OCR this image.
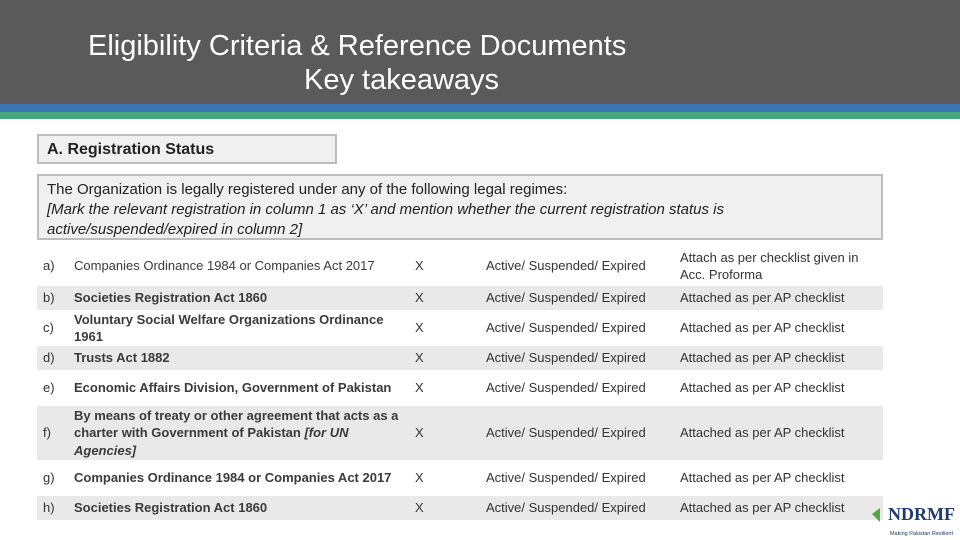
Eligibility Criteria & Reference Documents
Key takeaways
A. Registration Status
The Organization is legally registered under any of the following legal regimes:
[Mark the relevant registration in column 1 as ‘X’ and mention whether the current registration status is active/suspended/expired in column 2]
a)	Companies Ordinance 1984 or Companies Act 2017	X	Active/ Suspended/ Expired	Attach as per checklist given in Acc. Proforma
b)	Societies Registration Act 1860	X	Active/ Suspended/ Expired	Attached as per AP checklist
c)	Voluntary Social Welfare Organizations Ordinance 1961	X	Active/ Suspended/ Expired	Attached as per AP checklist
d)	Trusts Act 1882	X	Active/ Suspended/ Expired	Attached as per AP checklist
e)	Economic Affairs Division, Government of Pakistan	X	Active/ Suspended/ Expired	Attached as per AP checklist
f)	By means of treaty or other agreement that acts as a charter with Government of Pakistan [for UN Agencies]	X	Active/ Suspended/ Expired	Attached as per AP checklist
g)	Companies Ordinance 1984 or Companies Act 2017	X	Active/ Suspended/ Expired	Attached as per AP checklist
h)	Societies Registration Act 1860	X	Active/ Suspended/ Expired	Attached as per AP checklist NDRMF
Making Pakistan Resilient
